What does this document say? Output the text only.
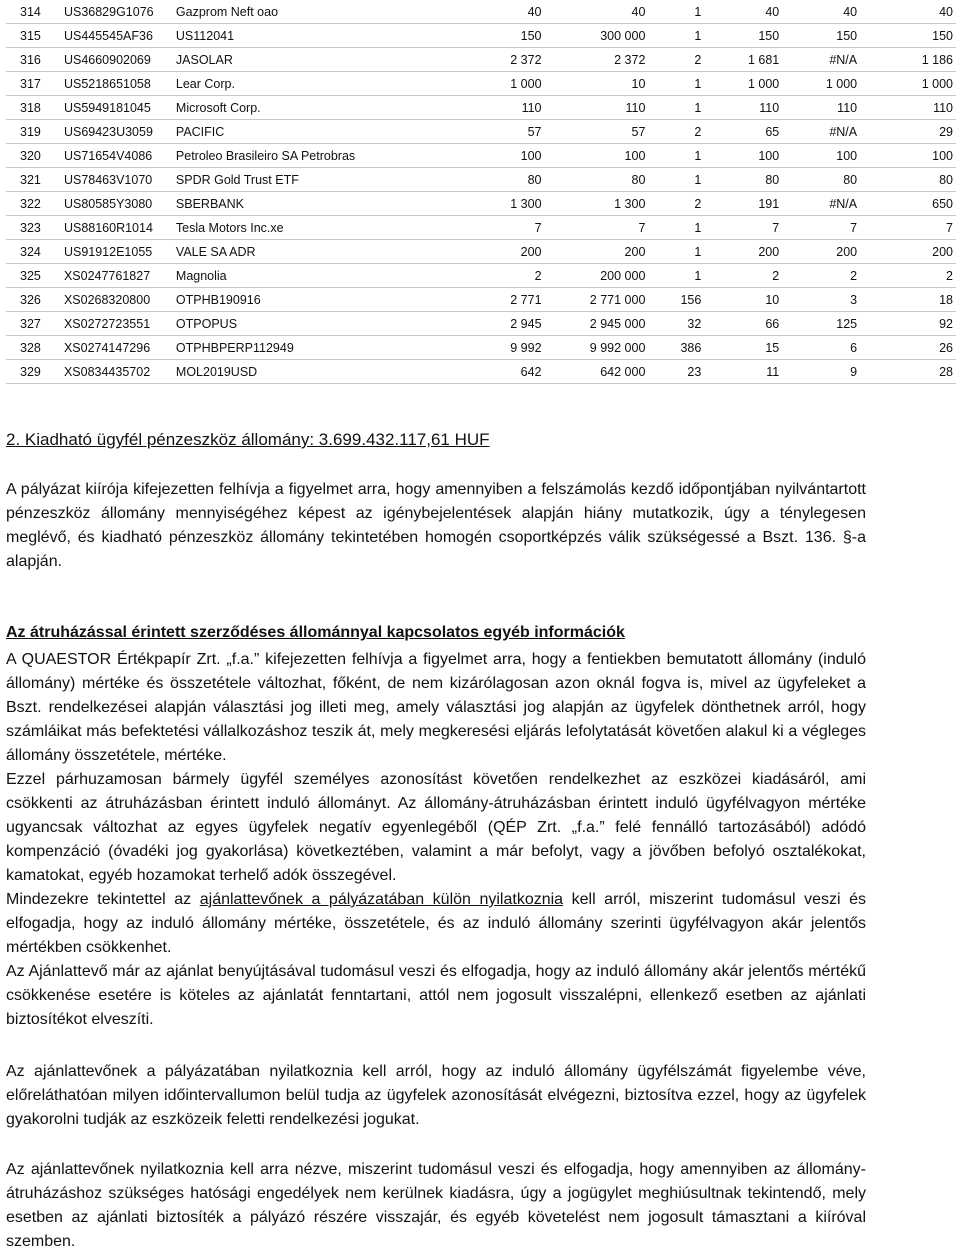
314	US36829G1076	Gazprom Neft oao	40	40	1	40	40	40
315	US445545AF36	US112041	150	300 000	1	150	150	150
316	US4660902069	JASOLAR	2 372	2 372	2	1 681	#N/A	1 186
317	US5218651058	Lear Corp.	1 000	10	1	1 000	1 000	1 000
318	US5949181045	Microsoft Corp.	110	110	1	110	110	110
319	US69423U3059	PACIFIC	57	57	2	65	#N/A	29
320	US71654V4086	Petroleo Brasileiro SA Petrobras	100	100	1	100	100	100
321	US78463V1070	SPDR Gold Trust ETF	80	80	1	80	80	80
322	US80585Y3080	SBERBANK	1 300	1 300	2	191	#N/A	650
323	US88160R1014	Tesla Motors Inc.xe	7	7	1	7	7	7
324	US91912E1055	VALE SA ADR	200	200	1	200	200	200
325	XS0247761827	Magnolia	2	200 000	1	2	2	2
326	XS0268320800	OTPHB190916	2 771	2 771 000	156	10	3	18
327	XS0272723551	OTPOPUS	2 945	2 945 000	32	66	125	92
328	XS0274147296	OTPHBPERP112949	9 992	9 992 000	386	15	6	26
329	XS0834435702	MOL2019USD	642	642 000	23	11	9	28
2. Kiadható ügyfél pénzeszköz állomány: 3.699.432.117,61 HUF

A pályázat kiírója kifejezetten felhívja a figyelmet arra, hogy amennyiben a felszámolás kezdő időpontjában nyilvántartott pénzeszköz állomány mennyiségéhez képest az igénybejelentések alapján hiány mutatkozik, úgy a ténylegesen meglévő, és kiadható pénzeszköz állomány tekintetében homogén csoportképzés válik szükségessé a Bszt. 136. §-a alapján.

Az átruházással érintett szerződéses állománnyal kapcsolatos egyéb információk

A QUAESTOR Értékpapír Zrt. „f.a.” kifejezetten felhívja a figyelmet arra, hogy a fentiekben bemutatott állomány (induló állomány) mértéke és összetétele változhat, főként, de nem kizárólagosan azon oknál fogva is, mivel az ügyfeleket a Bszt. rendelkezései alapján választási jog illeti meg, amely választási jog alapján az ügyfelek dönthetnek arról, hogy számláikat más befektetési vállalkozáshoz teszik át, mely megkeresési eljárás lefolytatását követően alakul ki a végleges állomány összetétele, mértéke.

Ezzel párhuzamosan bármely ügyfél személyes azonosítást követően rendelkezhet az eszközei kiadásáról, ami csökkenti az átruházásban érintett induló állományt. Az állomány-átruházásban érintett induló ügyfélvagyon mértéke ugyancsak változhat az egyes ügyfelek negatív egyenlegéből (QÉP Zrt. „f.a.” felé fennálló tartozásából) adódó kompenzáció (óvadéki jog gyakorlása) következtében, valamint a már befolyt, vagy a jövőben befolyó osztalékokat, kamatokat, egyéb hozamokat terhelő adók összegével.

Mindezekre tekintettel az ajánlattevőnek a pályázatában külön nyilatkoznia kell arról, miszerint tudomásul veszi és elfogadja, hogy az induló állomány mértéke, összetétele, és az induló állomány szerinti ügyfélvagyon akár jelentős mértékben csökkenhet.

Az Ajánlattevő már az ajánlat benyújtásával tudomásul veszi és elfogadja, hogy az induló állomány akár jelentős mértékű csökkenése esetére is köteles az ajánlatát fenntartani, attól nem jogosult visszalépni, ellenkező esetben az ajánlati biztosítékot elveszíti.

Az ajánlattevőnek a pályázatában nyilatkoznia kell arról, hogy az induló állomány ügyfélszámát figyelembe véve, előreláthatóan milyen időintervallumon belül tudja az ügyfelek azonosítását elvégezni, biztosítva ezzel, hogy az ügyfelek gyakorolni tudják az eszközeik feletti rendelkezési jogukat.

Az ajánlattevőnek nyilatkoznia kell arra nézve, miszerint tudomásul veszi és elfogadja, hogy amennyiben az állomány-átruházáshoz szükséges hatósági engedélyek nem kerülnek kiadásra, úgy a jogügylet meghiúsultnak tekintendő, mely esetben az ajánlati biztosíték a pályázó részére visszajár, és egyéb követelést nem jogosult támasztani a kiíróval szemben.
